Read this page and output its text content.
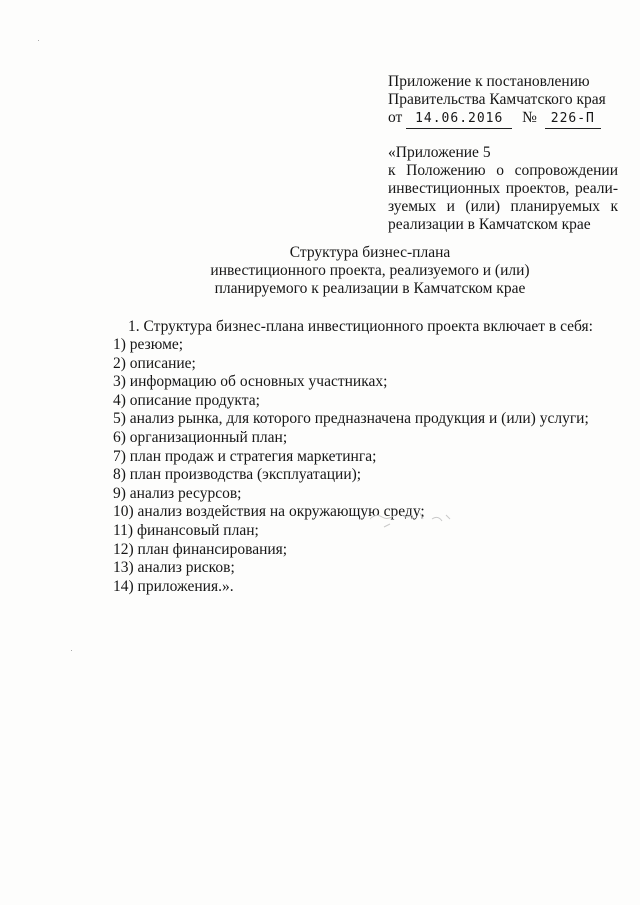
Приложение к постановлению
Правительства Камчатского края
от 14.06.2016 № 226-П
«Приложение 5
к Положению о сопровождении
инвестиционных проектов, реали-
зуемых и (или) планируемых к
реализации в Камчатском крае
Структура бизнес-плана
инвестиционного проекта, реализуемого и (или)
планируемого к реализации в Камчатском крае
1. Структура бизнес-плана инвестиционного проекта включает в себя:
1) резюме;
2) описание;
3) информацию об основных участниках;
4) описание продукта;
5) анализ рынка, для которого предназначена продукция и (или) услуги;
6) организационный план;
7) план продаж и стратегия маркетинга;
8) план производства (эксплуатации);
9) анализ ресурсов;
10) анализ воздействия на окружающую среду;
11) финансовый план;
12) план финансирования;
13) анализ рисков;
14) приложения.».
